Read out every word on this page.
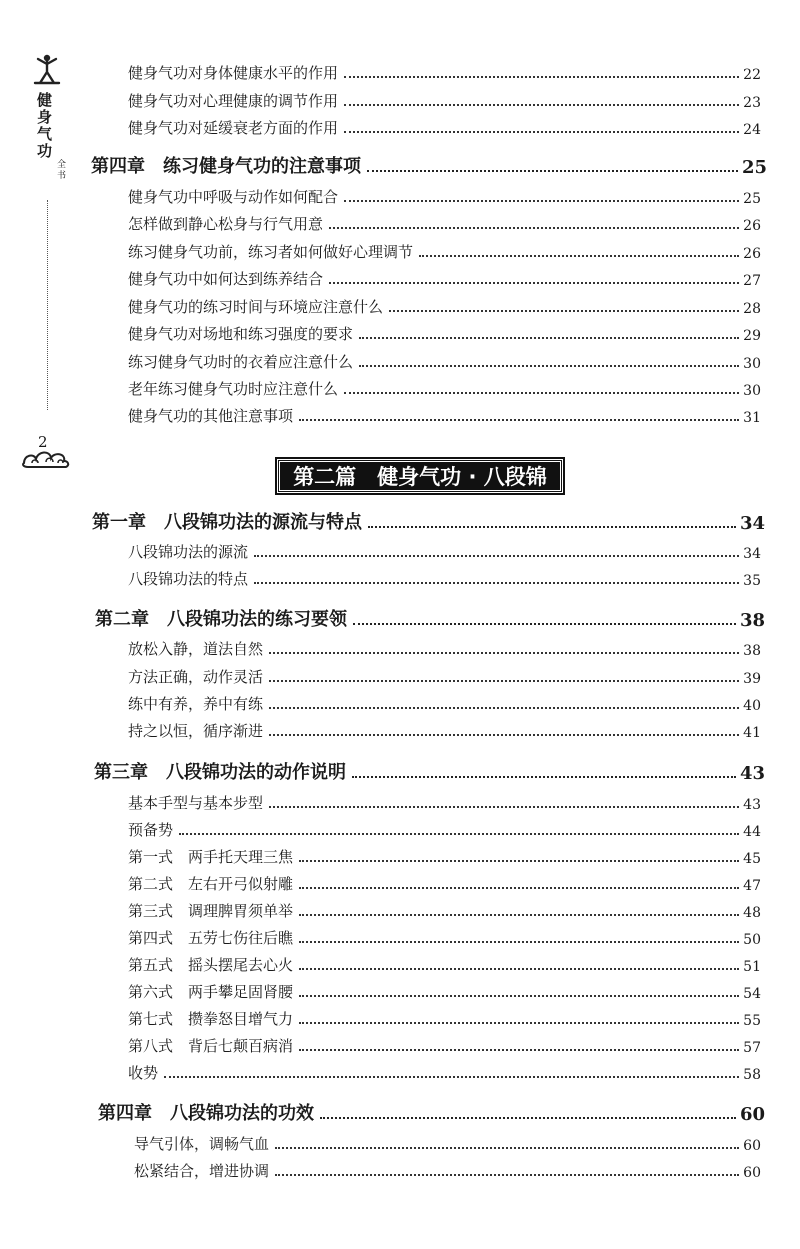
健
身
气
功
全
书
2
第二篇　健身气功 · 八段锦
健身气功对身体健康水平的作用	22
健身气功对心理健康的调节作用	23
健身气功对延缓衰老方面的作用	24
第四章　练习健身气功的注意事项	25
健身气功中呼吸与动作如何配合	25
怎样做到静心松身与行气用意	26
练习健身气功前，练习者如何做好心理调节	26
健身气功中如何达到练养结合	27
健身气功的练习时间与环境应注意什么	28
健身气功对场地和练习强度的要求	29
练习健身气功时的衣着应注意什么	30
老年练习健身气功时应注意什么	30
健身气功的其他注意事项	31
第一章　八段锦功法的源流与特点	34
八段锦功法的源流	34
八段锦功法的特点	35
第二章　八段锦功法的练习要领	38
放松入静，道法自然	38
方法正确，动作灵活	39
练中有养，养中有练	40
持之以恒，循序渐进	41
第三章　八段锦功法的动作说明	43
基本手型与基本步型	43
预备势	44
第一式　两手托天理三焦	45
第二式　左右开弓似射雕	47
第三式　调理脾胃须单举	48
第四式　五劳七伤往后瞧	50
第五式　摇头摆尾去心火	51
第六式　两手攀足固肾腰	54
第七式　攒拳怒目增气力	55
第八式　背后七颠百病消	57
收势	58
第四章　八段锦功法的功效	60
导气引体，调畅气血	60
松紧结合，增进协调	60
